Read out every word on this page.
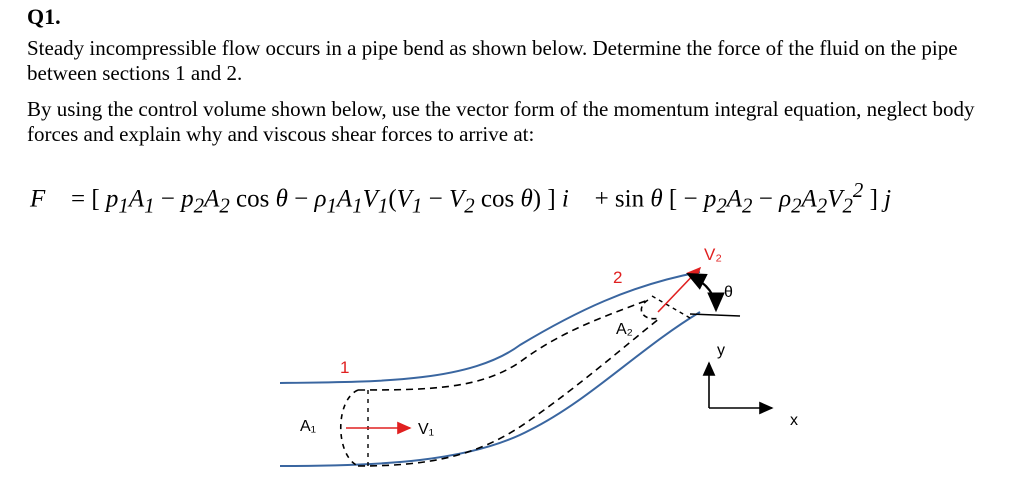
Q1.
Steady incompressible flow occurs in a pipe bend as shown below. Determine the force of the fluid on the pipe between sections 1 and 2.
By using the control volume shown below, use the vector form of the momentum integral equation, neglect body forces and explain why and viscous shear forces to arrive at:
F⃗ = [ $p_1A_1 - p_2A_2$ $\cos \theta - \rho_1A_1V_1(V_1 - V_2$ cos θ) ] i⃗ + sin θ [ − $p_2A_2 - \rho_2A_2V_2^2$ ] j⃗
1
2
A₁
A₂
V₁
V₂
θ
y
x
